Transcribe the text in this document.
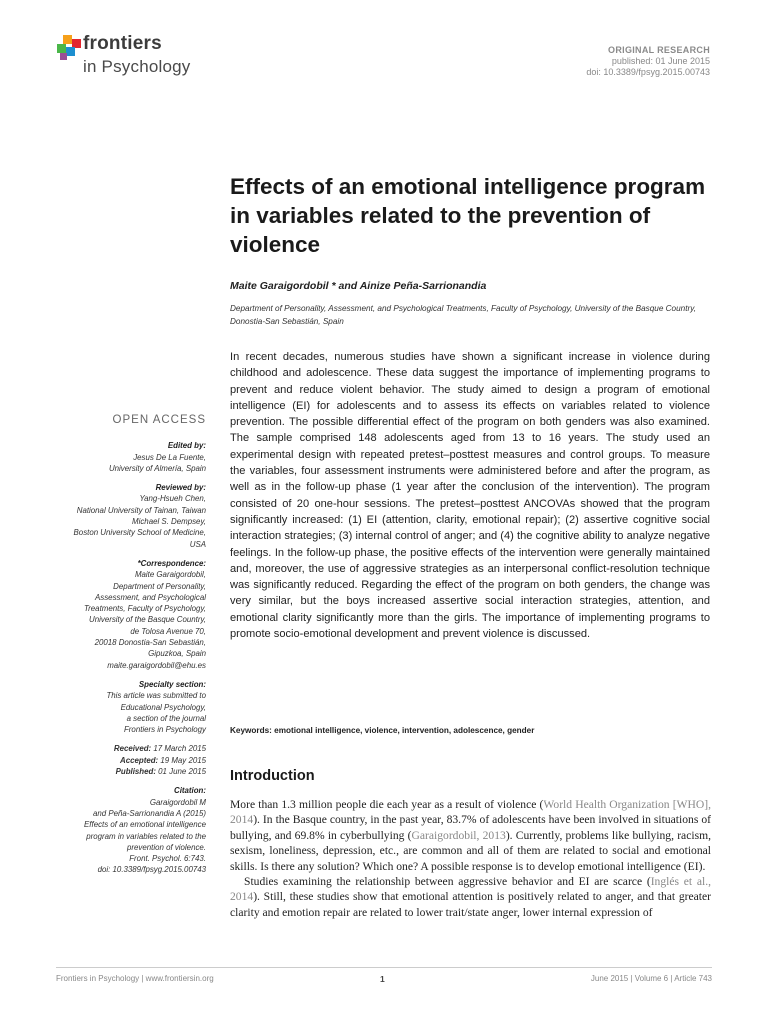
frontiers
in Psychology
ORIGINAL RESEARCH
published: 01 June 2015
doi: 10.3389/fpsyg.2015.00743
Effects of an emotional intelligence program in variables related to the prevention of violence
Maite Garaigordobil * and Ainize Peña-Sarrionandia
Department of Personality, Assessment, and Psychological Treatments, Faculty of Psychology, University of the Basque Country, Donostia-San Sebastián, Spain

In recent decades, numerous studies have shown a significant increase in violence during childhood and adolescence. These data suggest the importance of implementing programs to prevent and reduce violent behavior. The study aimed to design a program of emotional intelligence (EI) for adolescents and to assess its effects on variables related to violence prevention. The possible differential effect of the program on both genders was also examined. The sample comprised 148 adolescents aged from 13 to 16 years. The study used an experimental design with repeated pretest–posttest measures and control groups. To measure the variables, four assessment instruments were administered before and after the program, as well as in the follow-up phase (1 year after the conclusion of the intervention). The program consisted of 20 one-hour sessions. The pretest–posttest ANCOVAs showed that the program significantly increased: (1) EI (attention, clarity, emotional repair); (2) assertive cognitive social interaction strategies; (3) internal control of anger; and (4) the cognitive ability to analyze negative feelings. In the follow-up phase, the positive effects of the intervention were generally maintained and, moreover, the use of aggressive strategies as an interpersonal conflict-resolution technique was significantly reduced. Regarding the effect of the program on both genders, the change was very similar, but the boys increased assertive social interaction strategies, attention, and emotional clarity significantly more than the girls. The importance of implementing programs to promote socio-emotional development and prevent violence is discussed.

Keywords: emotional intelligence, violence, intervention, adolescence, gender
OPEN ACCESS
Edited by:
Jesus De La Fuente,
University of Almería, Spain
Reviewed by:
Yang-Hsueh Chen,
National University of Tainan, Taiwan
Michael S. Dempsey,
Boston University School of Medicine,
USA
*Correspondence:
Maite Garaigordobil,
Department of Personality,
Assessment, and Psychological
Treatments, Faculty of Psychology,
University of the Basque Country,
de Tolosa Avenue 70,
20018 Donostia-San Sebastián,
Gipuzkoa, Spain
maite.garaigordobil@ehu.es
Specialty section:
This article was submitted to
Educational Psychology,
a section of the journal
Frontiers in Psychology
Received: 17 March 2015
Accepted: 19 May 2015
Published: 01 June 2015
Citation:
Garaigordobil M
and Peña-Sarrionandia A (2015)
Effects of an emotional intelligence
program in variables related to the
prevention of violence.
Front. Psychol. 6:743.
doi: 10.3389/fpsyg.2015.00743
Introduction

More than 1.3 million people die each year as a result of violence (World Health Organization [WHO], 2014). In the Basque country, in the past year, 83.7% of adolescents have been involved in situations of bullying, and 69.8% in cyberbullying (Garaigordobil, 2013). Currently, problems like bullying, racism, sexism, loneliness, depression, etc., are common and all of them are related to social and emotional skills. Is there any solution? Which one? A possible response is to develop emotional intelligence (EI).

Studies examining the relationship between aggressive behavior and EI are scarce (Inglés et al., 2014). Still, these studies show that emotional attention is positively related to anger, and that greater clarity and emotion repair are related to lower trait/state anger, lower internal expression of

Frontiers in Psychology | www.frontiersin.org	1	June 2015 | Volume 6 | Article 743
